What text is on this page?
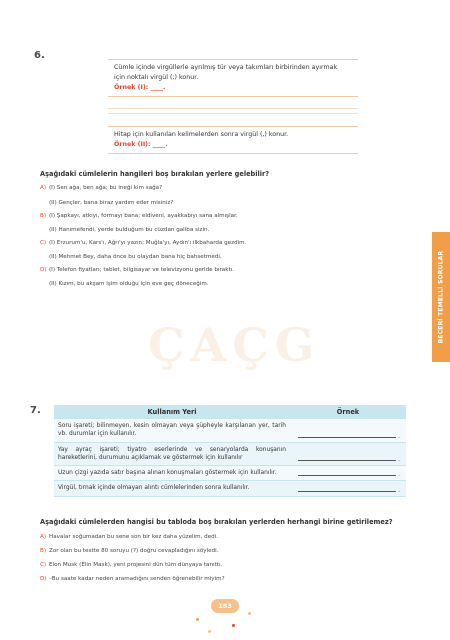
6.
Cümle içinde virgüllerle ayrılmış tür veya takımları birbirinden ayırmak
için noktalı virgül (;) konur.
Örnek (I): ____.
Hitap için kullanılan kelimelerden sonra virgül (,) konur.
Örnek (II): ____.
Aşağıdaki cümlelerin hangileri boş bırakılan yerlere gelebilir?
A) (I) Sen ağa, ben ağa; bu ineği kim sağa?
(II) Gençler, bana biraz yardım eder misiniz?
B) (I) Şapkayı, atkıyı, formayı bana; eldiveni, ayakkabıyı sana almışlar.
(II) Hanımefendi, yerde bulduğum bu cüzdan galiba sizin.
C) (I) Erzurum'u, Kars'ı, Ağrı'yı yazın; Muğla'yı, Aydın'ı ilkbaharda gezdim.
(II) Mehmet Bey, daha önce bu olaydan bana hiç bahsetmedi.
D) (I) Telefon fiyatları; tablet, bilgisayar ve televizyonu geride bıraktı.
(II) Kızım, bu akşam işim olduğu için eve geç döneceğim.
ÇAÇG
BECERİ TEMELLİ SORULAR
7.	Kullanım Yeri	Örnek
Soru işareti; bilinmeyen, kesin olmayan veya şüpheyle karşılanan yer, tarih vb. durumlar için kullanılır.
.
Yay ayraç işareti; tiyatro eserlerinde ve senaryolarda konuşanın hareketlerini, durumunu açıklamak ve göstermek için kullanılır
.
Uzun çizgi yazıda satır başına alınan konuşmaları göstermek için kullanılır.
.
Virgül, tırnak içinde olmayan alıntı cümlelerinden sonra kullanılır.
.
Aşağıdaki cümlelerden hangisi bu tabloda boş bırakılan yerlerden herhangi birine getirilemez?
A) Havalar soğumadan bu sene son bir kez daha yüzelim, dedi.
B) Zor olan bu testte 80 soruyu (?) doğru cevapladığını söyledi.
C) Elon Musk (Elin Mask), yeni projesini dün tüm dünyaya tanıttı.
D) –Bu saate kadar neden aramadığını senden öğrenebilir miyim?
183
